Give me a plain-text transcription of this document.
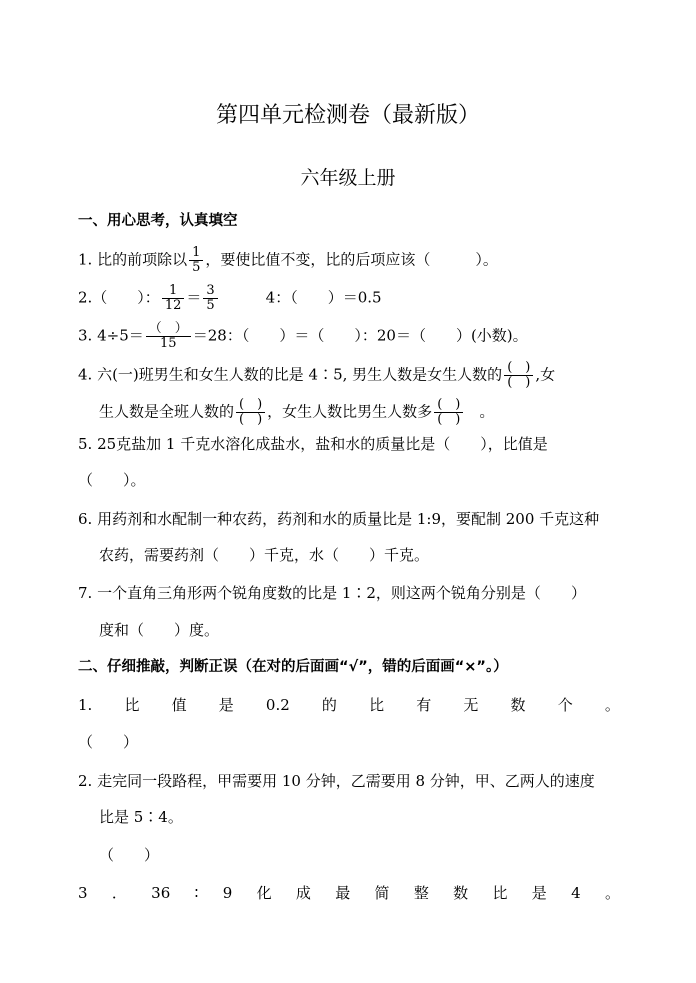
第四单元检测卷（最新版）
六年级上册
一、用心思考，认真填空
1. 比的前项除以 $\frac{1}{5}$ ，要使比值不变，比的后项应该（　　　）。
2.（　　）： $\frac{1}{12} = \frac{3}{5}$	4：（　　）＝0.5
3. $4\div 5= \frac{( )}{15} =28$：（　　）＝（　　）：20＝（　　）(小数)。
4. 六(一)班男生和女生人数的比是 4∶5, 男生人数是女生人数的 $\frac{( )}{( )}$ ,女
生人数是全班人数的 $\frac{( )}{( )}$ ，女生人数比男生人数多 $\frac{( )}{( )}$ 。
5. 25克盐加 1 千克水溶化成盐水，盐和水的质量比是（　　），比值是
（　　）。
6. 用药剂和水配制一种农药，药剂和水的质量比是 1:9，要配制 200 千克这种
农药，需要药剂（　　）千克，水（　　）千克。
7. 一个直角三角形两个锐角度数的比是 1∶2，则这两个锐角分别是（　　）
度和（　　）度。
二、仔细推敲，判断正误（在对的后面画“√”，错的后面画“×”。）
1. 比 值 是 0.2 的 比 有 无 数 个 。
（　　）
2. 走完同一段路程，甲需要用 10 分钟，乙需要用 8 分钟，甲、乙两人的速度
比是 5∶4。
（　　）
3 ． 36 ∶ 9 化 成 最 简 整 数 比 是 4 。
